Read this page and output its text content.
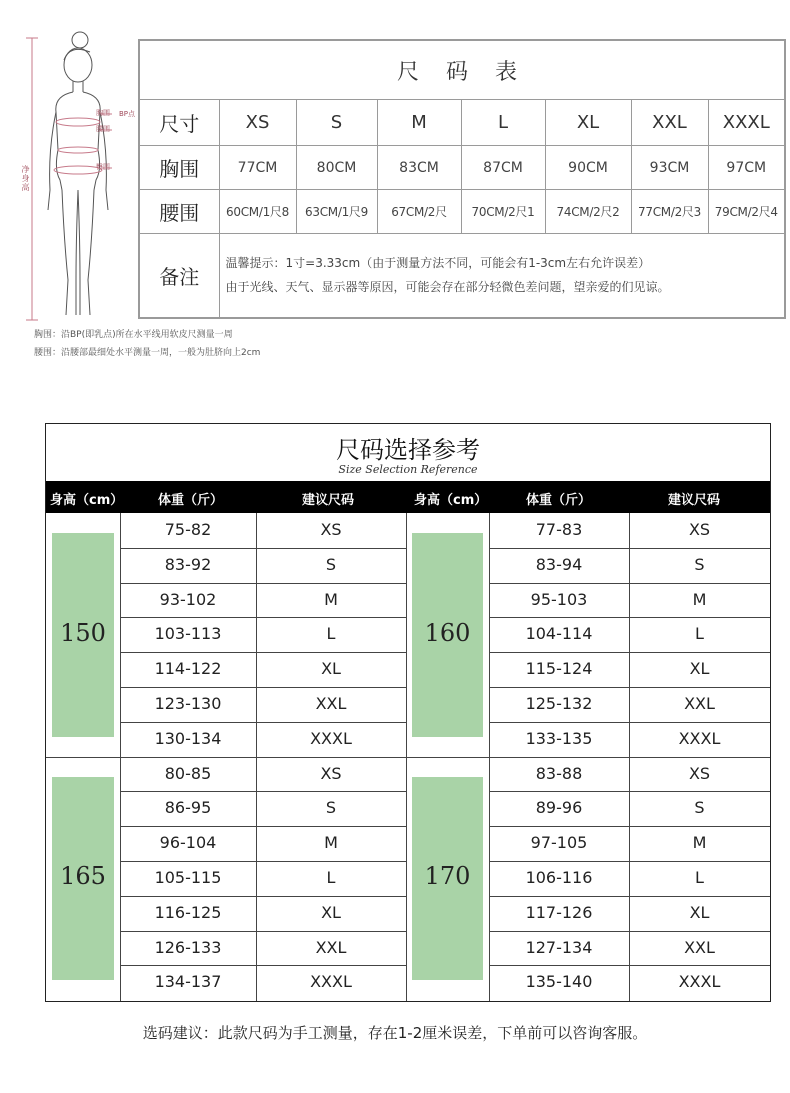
胸围 BP点
腰围
臀围
净身高
胸围：沿BP(即乳点)所在水平线用软皮尺测量一周
腰围：沿腰部最细处水平测量一周，一般为肚脐向上2cm
尺 码 表							
尺寸	XS	S	M	L	XL	XXL	XXXL
胸围	77CM	80CM	83CM	87CM	90CM	93CM	97CM
腰围	60CM/1尺8	63CM/1尺9	67CM/2尺	70CM/2尺1	74CM/2尺2	77CM/2尺3	79CM/2尺4
备注	温馨提示：1寸=3.33cm（由于测量方法不同，可能会有1-3cm左右允许误差）
由于光线、天气、显示器等原因，可能会存在部分轻微色差问题，望亲爱的们见谅。						
尺码选择参考
Size Selection Reference
身高（cm）	体重（斤）	建议尺码	身高（cm）	体重（斤）	建议尺码
150
75-82	XS
83-92	S
93-102	M
103-113	L
114-122	XL
123-130	XXL
130-134	XXXL
160
77-83	XS
83-94	S
95-103	M
104-114	L
115-124	XL
125-132	XXL
133-135	XXXL
165
80-85	XS
86-95	S
96-104	M
105-115	L
116-125	XL
126-133	XXL
134-137	XXXL
170
83-88	XS
89-96	S
97-105	M
106-116	L
117-126	XL
127-134	XXL
135-140	XXXL
选码建议：此款尺码为手工测量，存在1-2厘米误差，下单前可以咨询客服。
